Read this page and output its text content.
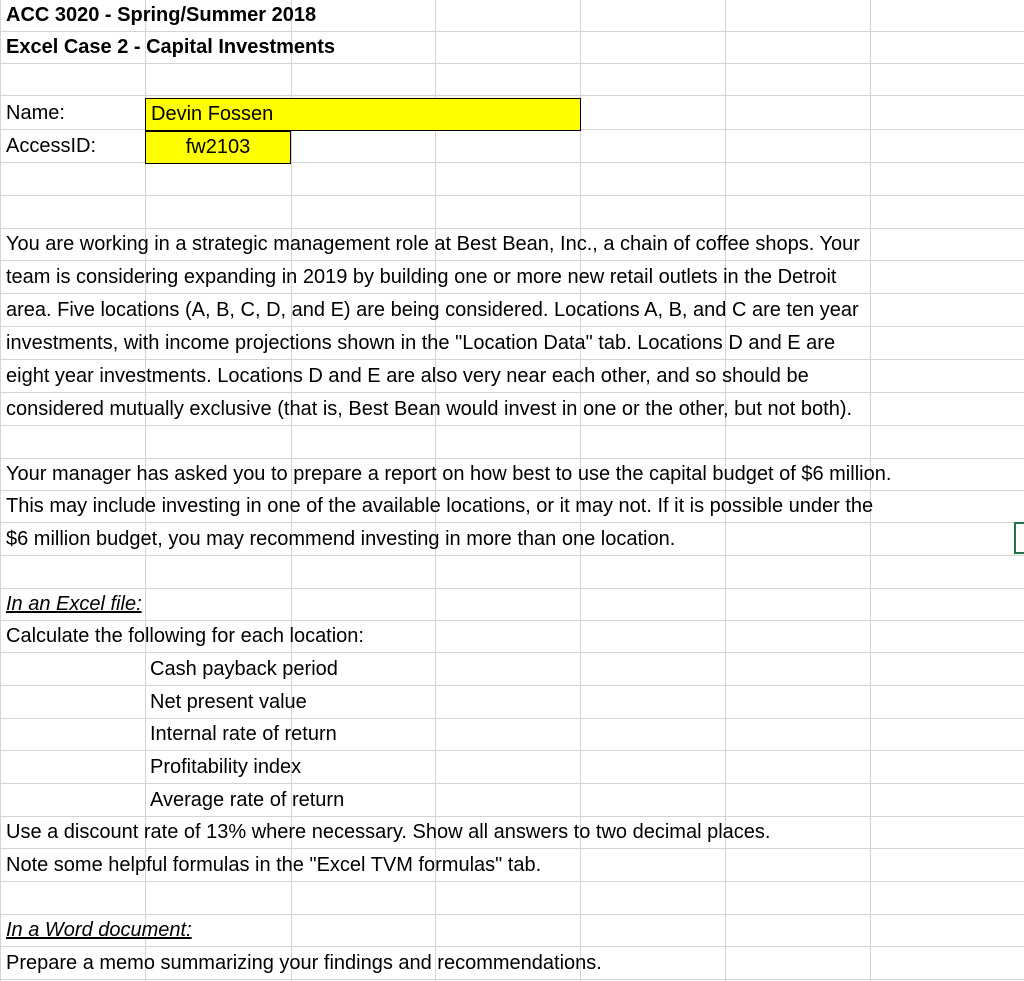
ACC 3020 - Spring/Summer 2018
Excel Case 2 - Capital Investments
Name:	Devin Fossen
AccessID:	fw2103
You are working in a strategic management role at Best Bean, Inc., a chain of coffee shops. Your
team is considering expanding in 2019 by building one or more new retail outlets in the Detroit
area. Five locations (A, B, C, D, and E) are being considered. Locations A, B, and C are ten year
investments, with income projections shown in the "Location Data" tab. Locations D and E are
eight year investments. Locations D and E are also very near each other, and so should be
considered mutually exclusive (that is, Best Bean would invest in one or the other, but not both).
Your manager has asked you to prepare a report on how best to use the capital budget of $6 million.
This may include investing in one of the available locations, or it may not. If it is possible under the
$6 million budget, you may recommend investing in more than one location.
In an Excel file:
Calculate the following for each location:
Cash payback period
Net present value
Internal rate of return
Profitability index
Average rate of return
Use a discount rate of 13% where necessary. Show all answers to two decimal places.
Note some helpful formulas in the "Excel TVM formulas" tab.
In a Word document:
Prepare a memo summarizing your findings and recommendations.
